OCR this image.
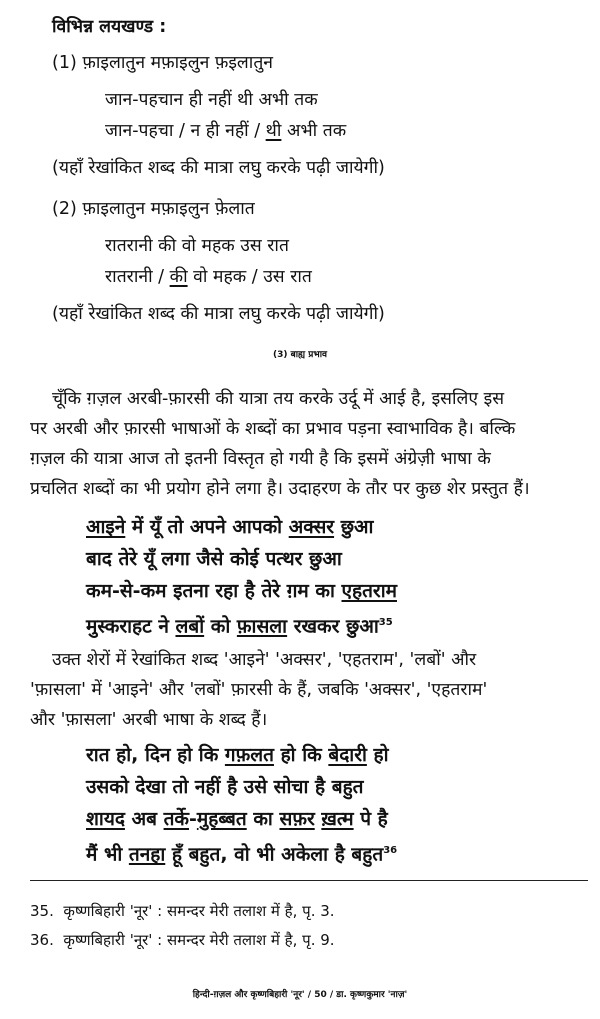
विभिन्न लयखण्ड :
(1) फ़ाइलातुन मफ़ाइलुन फ़इलातुन
जान-पहचान ही नहीं थी अभी तक
जान-पहचा / न ही नहीं / थी अभी तक
(यहाँ रेखांकित शब्द की मात्रा लघु करके पढ़ी जायेगी)
(2) फ़ाइलातुन मफ़ाइलुन फ़ेलात
रातरानी की वो महक उस रात
रातरानी / की वो महक / उस रात
(यहाँ रेखांकित शब्द की मात्रा लघु करके पढ़ी जायेगी)
(3) बाह्य प्रभाव
चूँकि ग़ज़ल अरबी-फ़ारसी की यात्रा तय करके उर्दू में आई है, इसलिए इस
पर अरबी और फ़ारसी भाषाओं के शब्दों का प्रभाव पड़ना स्वाभाविक है। बल्कि
ग़ज़ल की यात्रा आज तो इतनी विस्तृत हो गयी है कि इसमें अंग्रेज़ी भाषा के
प्रचलित शब्दों का भी प्रयोग होने लगा है। उदाहरण के तौर पर कुछ शेर प्रस्तुत हैं।
आइने में यूँ तो अपने आपको अक्सर छुआ
बाद तेरे यूँ लगा जैसे कोई पत्थर छुआ
कम-से-कम इतना रहा है तेरे ग़म का एहतराम
मुस्कराहट ने लबों को फ़ासला रखकर छुआ$^{35}$
उक्त शेरों में रेखांकित शब्द 'आइने' 'अक्सर', 'एहतराम', 'लबों' और
'फ़ासला' में 'आइने' और 'लबों' फ़ारसी के हैं, जबकि 'अक्सर', 'एहतराम'
और 'फ़ासला' अरबी भाषा के शब्द हैं।
रात हो, दिन हो कि गफ़लत हो कि बेदारी हो
उसको देखा तो नहीं है उसे सोचा है बहुत
शायद अब तर्के-मुहब्बत का सफ़र ख़त्म पे है
मैं भी तनहा हूँ बहुत, वो भी अकेला है बहुत$^{36}$
35. कृष्णबिहारी 'नूर' : समन्दर मेरी तलाश में है, पृ. 3.
36. कृष्णबिहारी 'नूर' : समन्दर मेरी तलाश में है, पृ. 9.
हिन्दी-ग़ज़ल और कृष्णबिहारी 'नूर' / 50 / डा. कृष्णकुमार 'नाज़'
